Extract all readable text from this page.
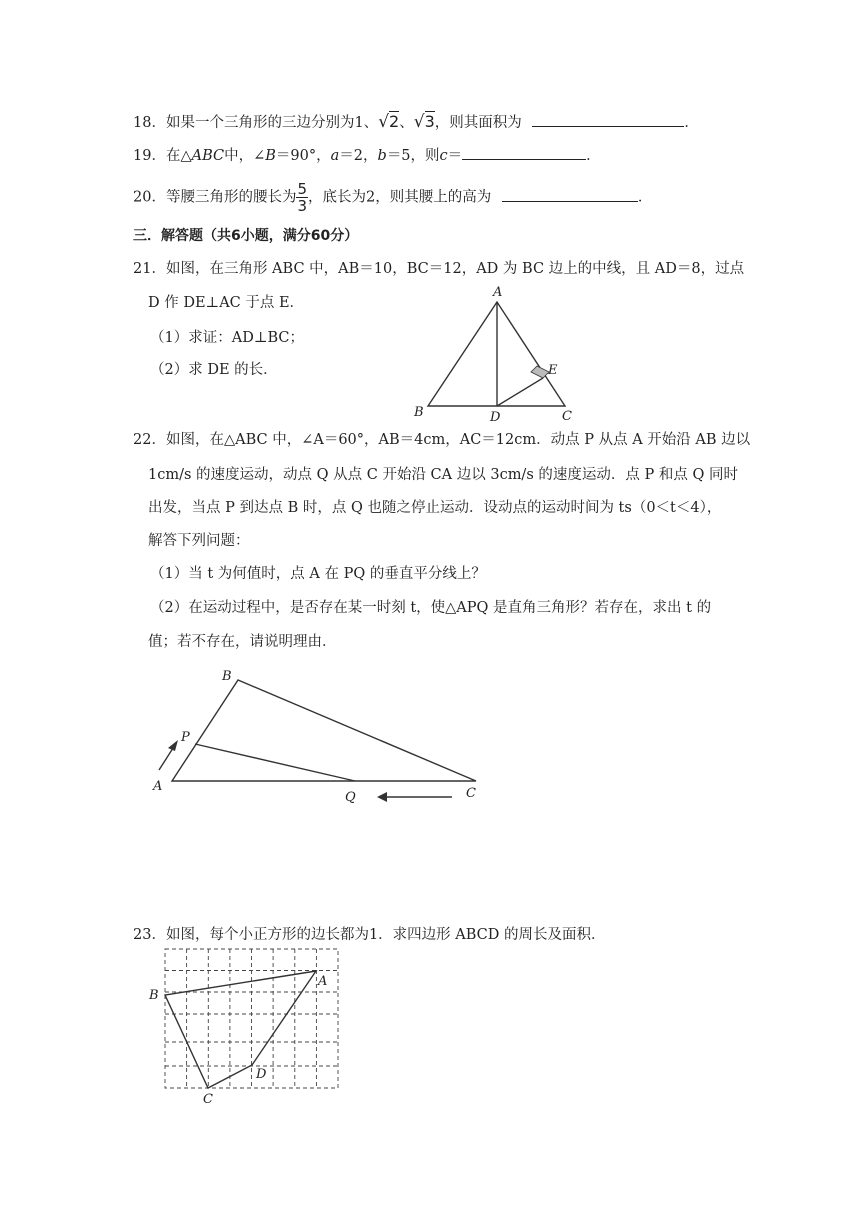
18．如果一个三角形的三边分别为1、√2、√3，则其面积为	．
19．在△ABC中，∠B＝90°，a＝2，b＝5，则c＝	．
20．等腰三角形的腰长为 $\frac{5}{3}$ ，底长为2，则其腰上的高为	．
三．解答题（共6小题，满分60分）
21．如图，在三角形 ABC 中，AB＝10，BC＝12，AD 为 BC 边上的中线，且 AD＝8，过点
D 作 DE⊥AC 于点 E．
（1）求证：AD⊥BC；
（2）求 DE 的长．
A
B	C
D
E
22．如图，在△ABC 中，∠A＝60°，AB＝4cm，AC＝12cm．动点 P 从点 A 开始沿 AB 边以
1cm/s 的速度运动，动点 Q 从点 C 开始沿 CA 边以 3cm/s 的速度运动．点 P 和点 Q 同时
出发，当点 P 到达点 B 时，点 Q 也随之停止运动．设动点的运动时间为 ts（0＜t＜4），
解答下列问题：
（1）当 t 为何值时，点 A 在 PQ 的垂直平分线上？
（2）在运动过程中，是否存在某一时刻 t，使△APQ 是直角三角形？若存在，求出 t 的
值；若不存在，请说明理由．
A
B
C
P
Q
23．如图，每个小正方形的边长都为1．求四边形 ABCD 的周长及面积．
A
B
C
D
